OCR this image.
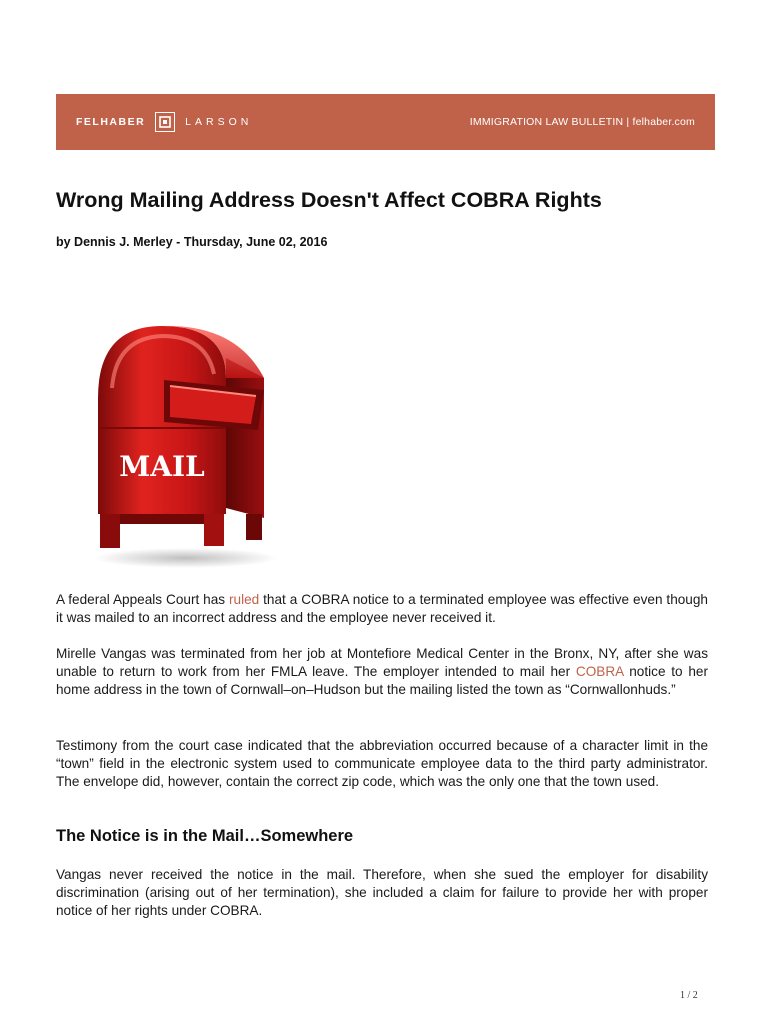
FELHABER	LARSON	IMMIGRATION LAW BULLETIN | felhaber.com
Wrong Mailing Address Doesn't Affect COBRA Rights

by Dennis J. Merley - Thursday, June 02, 2016

MAIL

A federal Appeals Court has ruled that a COBRA notice to a terminated employee was effective even though it was mailed to an incorrect address and the employee never received it.

Mirelle Vangas was terminated from her job at Montefiore Medical Center in the Bronx, NY, after she was unable to return to work from her FMLA leave. The employer intended to mail her COBRA notice to her home address in the town of Cornwall–on–Hudson but the mailing listed the town as “Cornwallonhuds.”

Testimony from the court case indicated that the abbreviation occurred because of a character limit in the “town” field in the electronic system used to communicate employee data to the third party administrator. The envelope did, however, contain the correct zip code, which was the only one that the town used.

The Notice is in the Mail…Somewhere

Vangas never received the notice in the mail. Therefore, when she sued the employer for disability discrimination (arising out of her termination), she included a claim for failure to provide her with proper notice of her rights under COBRA.

1 / 2
